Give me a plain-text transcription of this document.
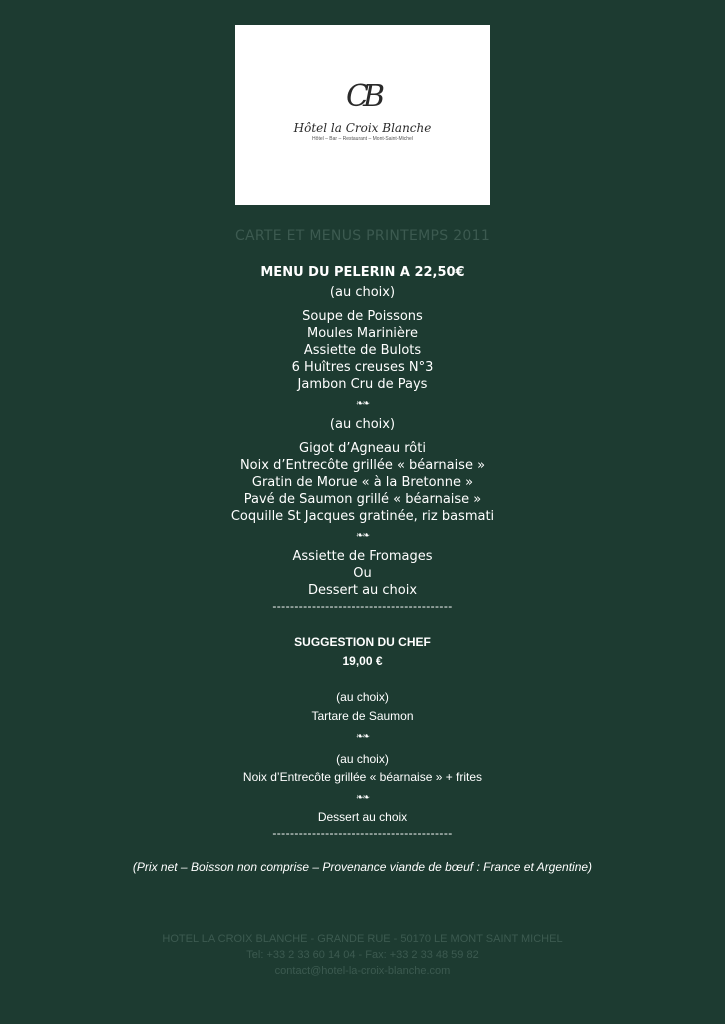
CB
Hôtel la Croix Blanche
Hôtel – Bar – Restaurant – Mont-Saint-Michel
CARTE ET MENUS PRINTEMPS 2011
MENU DU PELERIN A 22,50€
(au choix)
Soupe de Poissons
Moules Marinière
Assiette de Bulots
6 Huîtres creuses N°3
Jambon Cru de Pays
❧❧
(au choix)
Gigot d’Agneau rôti
Noix d’Entrecôte grillée « béarnaise »
Gratin de Morue « à la Bretonne »
Pavé de Saumon grillé « béarnaise »
Coquille St Jacques gratinée, riz basmati
❧❧
Assiette de Fromages
Ou
Dessert au choix
-----------------------------------------
SUGGESTION DU CHEF
19,00 €
(au choix)
Tartare de Saumon
❧❧
(au choix)
Noix d’Entrecôte grillée « béarnaise » + frites
❧❧
Dessert au choix
-----------------------------------------
(Prix net – Boisson non comprise – Provenance viande de bœuf : France et Argentine)
HOTEL LA CROIX BLANCHE - GRANDE RUE - 50170 LE MONT SAINT MICHEL
Tel: +33 2 33 60 14 04 - Fax: +33 2 33 48 59 82
contact@hotel-la-croix-blanche.com
